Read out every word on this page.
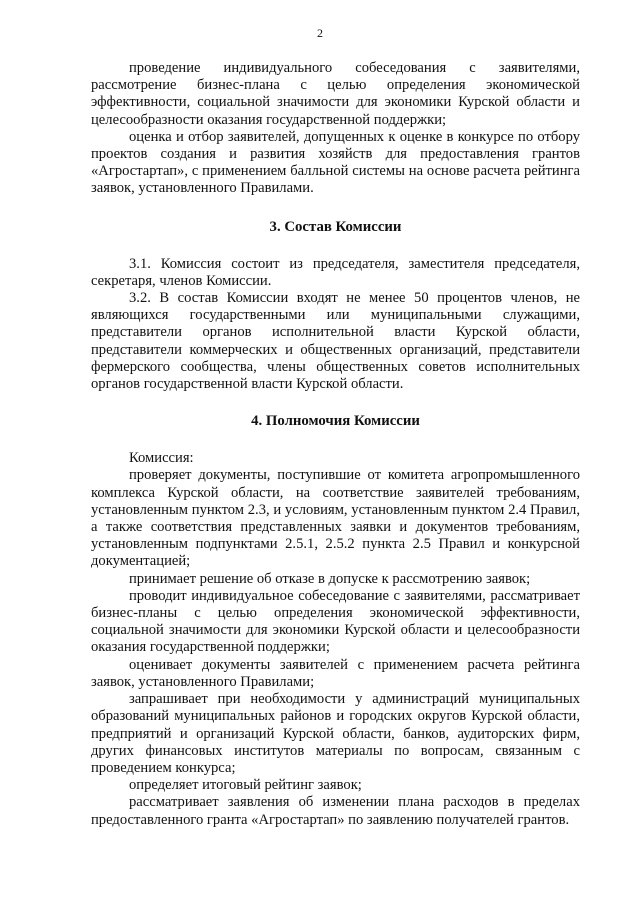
2

проведение индивидуального собеседования с заявителями, рассмотрение бизнес-плана с целью определения экономической эффективности, социальной значимости для экономики Курской области и целесообразности оказания государственной поддержки;

оценка и отбор заявителей, допущенных к оценке в конкурсе по отбору проектов создания и развития хозяйств для предоставления грантов «Агростартап», с применением балльной системы на основе расчета рейтинга заявок, установленного Правилами.

3. Состав Комиссии

3.1. Комиссия состоит из председателя, заместителя председателя, секретаря, членов Комиссии.

3.2. В состав Комиссии входят не менее 50 процентов членов, не являющихся государственными или муниципальными служащими, представители органов исполнительной власти Курской области, представители коммерческих и общественных организаций, представители фермерского сообщества, члены общественных советов исполнительных органов государственной власти Курской области.

4. Полномочия Комиссии

Комиссия:

проверяет документы, поступившие от комитета агропромышленного комплекса Курской области, на соответствие заявителей требованиям, установленным пунктом 2.3, и условиям, установленным пунктом 2.4 Правил, а также соответствия представленных заявки и документов требованиям, установленным подпунктами 2.5.1, 2.5.2 пункта 2.5 Правил и конкурсной документацией;

принимает решение об отказе в допуске к рассмотрению заявок;

проводит индивидуальное собеседование с заявителями, рассматривает бизнес-планы с целью определения экономической эффективности, социальной значимости для экономики Курской области и целесообразности оказания государственной поддержки;

оценивает документы заявителей с применением расчета рейтинга заявок, установленного Правилами;

запрашивает при необходимости у администраций муниципальных образований муниципальных районов и городских округов Курской области, предприятий и организаций Курской области, банков, аудиторских фирм, других финансовых институтов материалы по вопросам, связанным с проведением конкурса;

определяет итоговый рейтинг заявок;

рассматривает заявления об изменении плана расходов в пределах предоставленного гранта «Агростартап» по заявлению получателей грантов.
